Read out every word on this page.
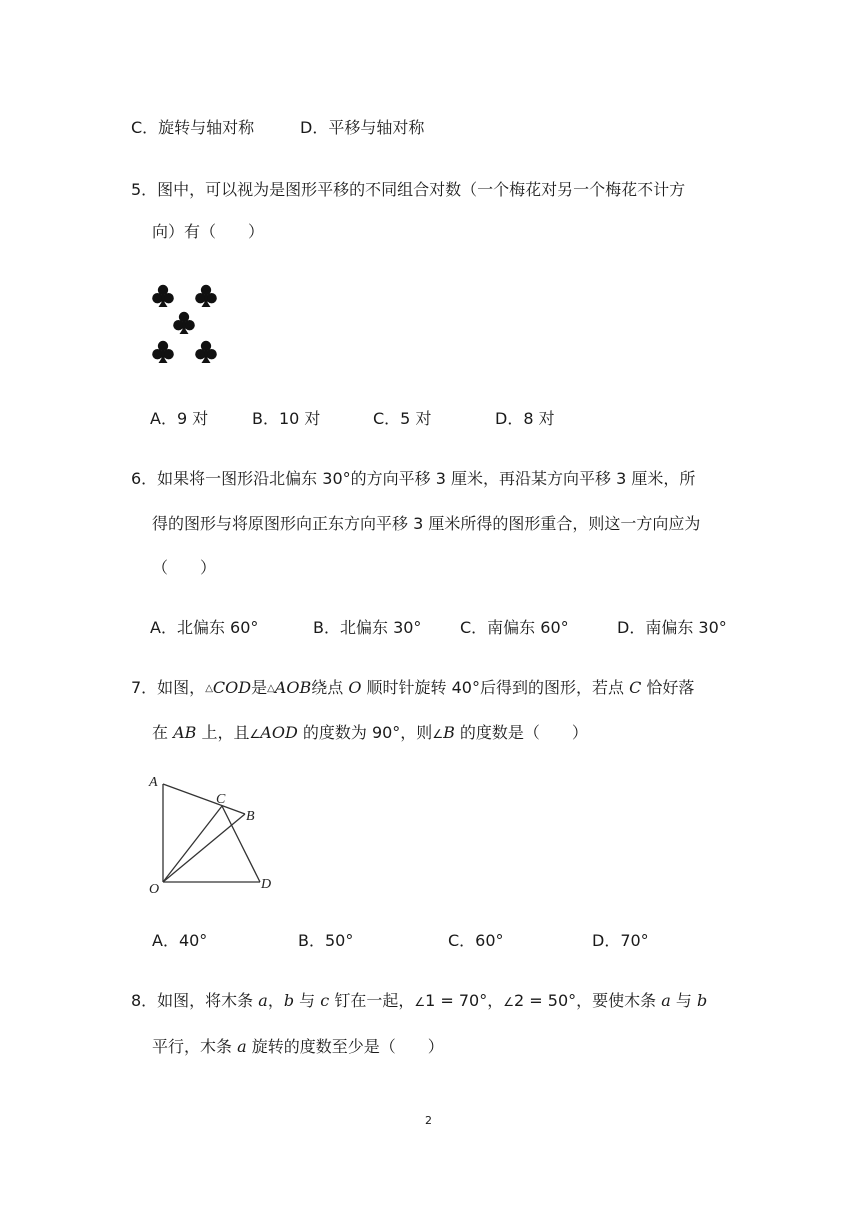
C．旋转与轴对称	D．平移与轴对称
5．图中，可以视为是图形平移的不同组合对数（一个梅花对另一个梅花不计方
向）有（　　）
A．9 对	B．10 对	C．5 对	D．8 对
6．如果将一图形沿北偏东 30°的方向平移 3 厘米，再沿某方向平移 3 厘米，所
得的图形与将原图形向正东方向平移 3 厘米所得的图形重合，则这一方向应为
（　　）
A．北偏东 60°	B．北偏东 30° C．南偏东 60°	D．南偏东 30°
7．如图，△COD是△AOB绕点 O 顺时针旋转 40°后得到的图形，若点 C 恰好落
在 AB 上，且∠AOD 的度数为 90°，则∠B 的度数是（　　）
A
C
B
O	D
A．40°	B．50°	C．60°	D．70°
8．如图，将木条 a，b 与 c 钉在一起，∠1 = 70°，∠2 = 50°，要使木条 a 与 b
平行，木条 a 旋转的度数至少是（　　）
2
